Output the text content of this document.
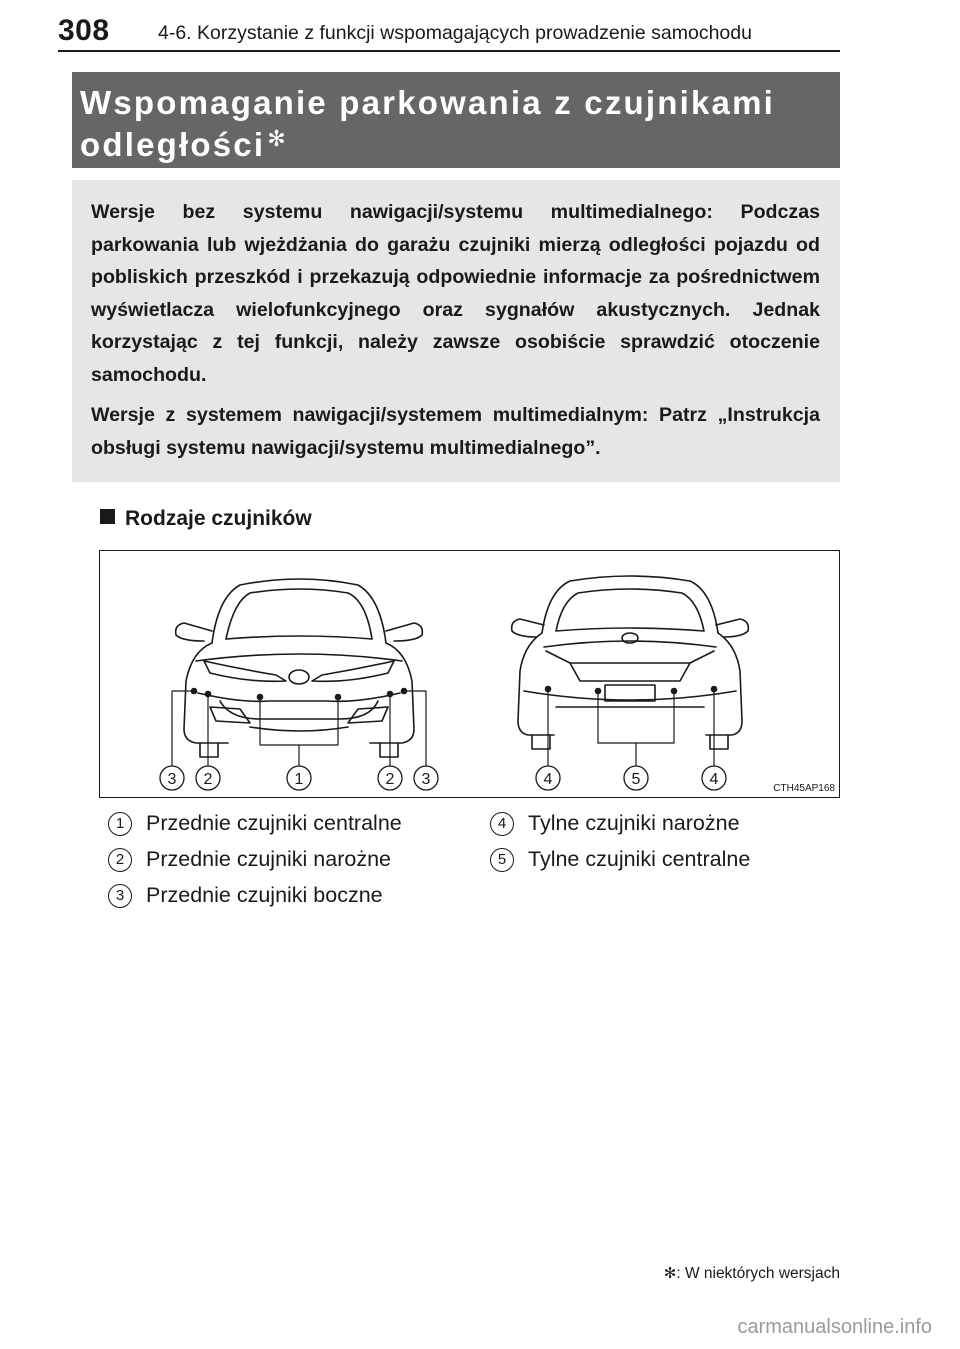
308 4-6. Korzystanie z funkcji wspomagających prowadzenie samochodu

Wspomaganie parkowania z czujnikami
odległości✻

Wersje bez systemu nawigacji/systemu multimedialnego: Podczas parkowania lub wjeżdżania do garażu czujniki mierzą odległości pojazdu od pobliskich przeszkód i przekazują odpowiednie informacje za pośrednictwem wyświetlacza wielofunkcyjnego oraz sygnałów akustycznych. Jednak korzystając z tej funkcji, należy zawsze osobiście sprawdzić otoczenie samochodu.

Wersje z systemem nawigacji/systemem multimedialnym: Patrz „Instrukcja obsługi systemu nawigacji/systemu multimedialnego”.

Rodzaje czujników
3 2	1	2 3	4	5	4
CTH45AP168
1 Przednie czujniki centralne
2 Przednie czujniki narożne
3 Przednie czujniki boczne
4 Tylne czujniki narożne
5 Tylne czujniki centralne
✻: W niektórych wersjach
carmanualsonline.info
